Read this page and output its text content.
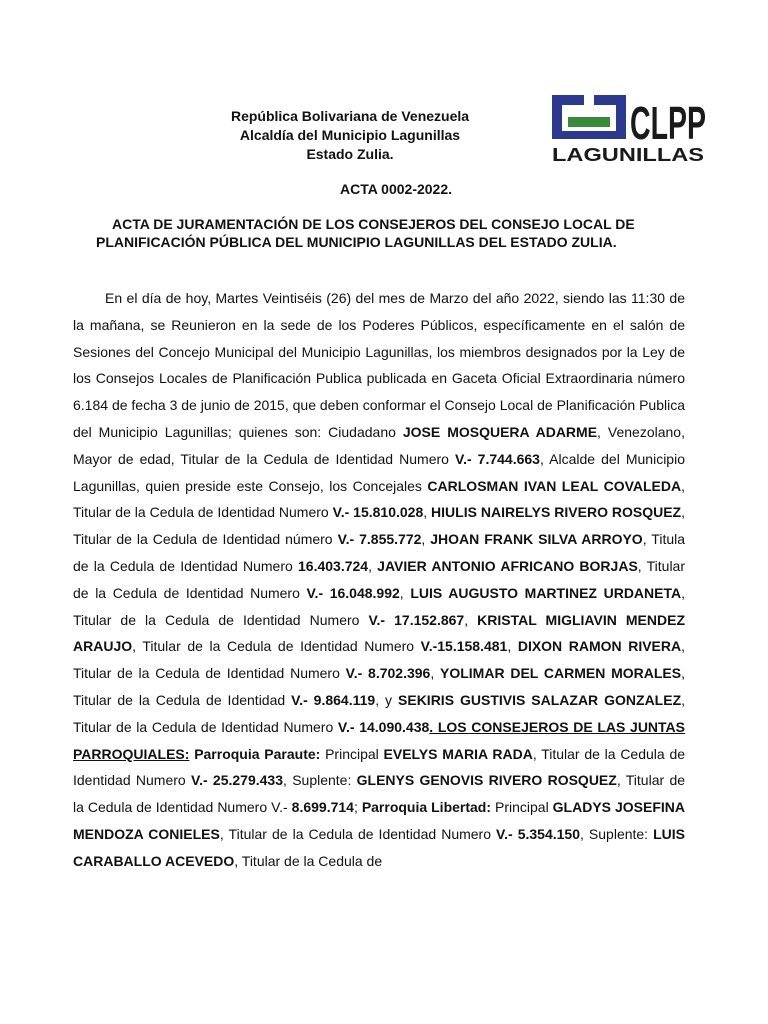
República Bolivariana de Venezuela
Alcaldía del Municipio Lagunillas
Estado Zulia.
CLPP
LAGUNILLAS
ACTA 0002-2022.
ACTA DE JURAMENTACIÓN DE LOS CONSEJEROS DEL CONSEJO LOCAL DE
PLANIFICACIÓN PÚBLICA DEL MUNICIPIO LAGUNILLAS DEL ESTADO ZULIA.

En el día de hoy, Martes Veintiséis (26) del mes de Marzo del año 2022, siendo las 11:30 de la mañana, se Reunieron en la sede de los Poderes Públicos, específicamente en el salón de Sesiones del Concejo Municipal del Municipio Lagunillas, los miembros designados por la Ley de los Consejos Locales de Planificación Publica publicada en Gaceta Oficial Extraordinaria número 6.184 de fecha 3 de junio de 2015, que deben conformar el Consejo Local de Planificación Publica del Municipio Lagunillas; quienes son: Ciudadano JOSE MOSQUERA ADARME, Venezolano, Mayor de edad, Titular de la Cedula de Identidad Numero V.- 7.744.663, Alcalde del Municipio Lagunillas, quien preside este Consejo, los Concejales CARLOSMAN IVAN LEAL COVALEDA, Titular de la Cedula de Identidad Numero V.- 15.810.028, HIULIS NAIRELYS RIVERO ROSQUEZ, Titular de la Cedula de Identidad número V.- 7.855.772, JHOAN FRANK SILVA ARROYO, Titula de la Cedula de Identidad Numero 16.403.724, JAVIER ANTONIO AFRICANO BORJAS, Titular de la Cedula de Identidad Numero V.- 16.048.992, LUIS AUGUSTO MARTINEZ URDANETA, Titular de la Cedula de Identidad Numero V.- 17.152.867, KRISTAL MIGLIAVIN MENDEZ ARAUJO, Titular de la Cedula de Identidad Numero V.-15.158.481, DIXON RAMON RIVERA, Titular de la Cedula de Identidad Numero V.- 8.702.396, YOLIMAR DEL CARMEN MORALES, Titular de la Cedula de Identidad V.- 9.864.119, y SEKIRIS GUSTIVIS SALAZAR GONZALEZ, Titular de la Cedula de Identidad Numero V.- 14.090.438. LOS CONSEJEROS DE LAS JUNTAS PARROQUIALES: Parroquia Paraute: Principal EVELYS MARIA RADA, Titular de la Cedula de Identidad Numero V.- 25.279.433, Suplente: GLENYS GENOVIS RIVERO ROSQUEZ, Titular de la Cedula de Identidad Numero V.- 8.699.714; Parroquia Libertad: Principal GLADYS JOSEFINA MENDOZA CONIELES, Titular de la Cedula de Identidad Numero V.- 5.354.150, Suplente: LUIS CARABALLO ACEVEDO, Titular de la Cedula de
